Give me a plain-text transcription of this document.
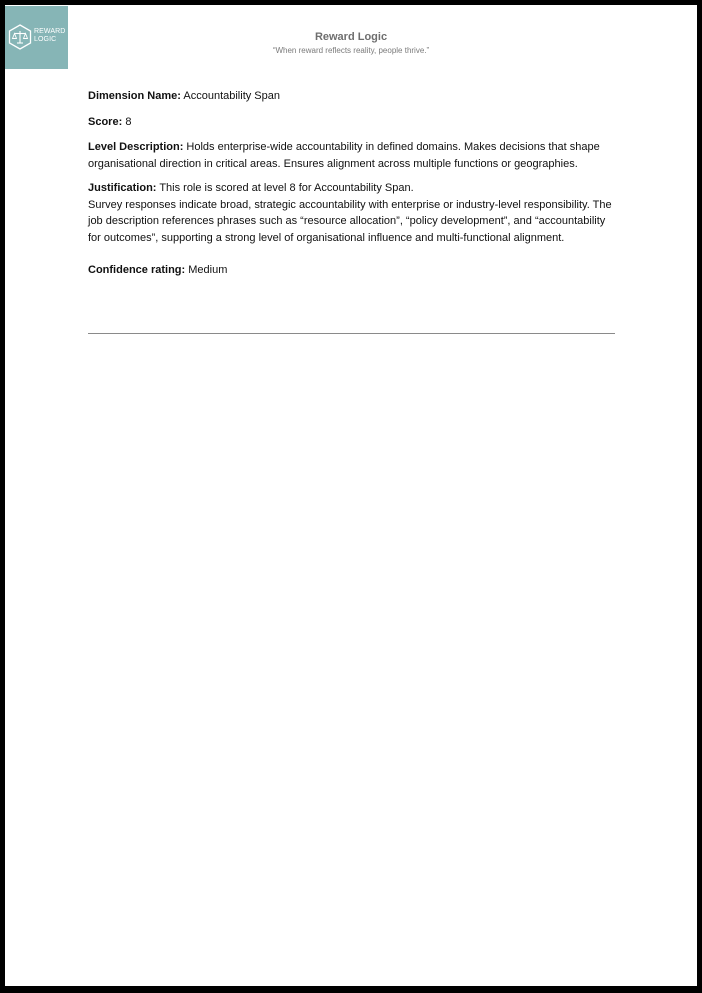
REWARD
LOGIC	Reward Logic
“When reward reflects reality, people thrive.”

Dimension Name: Accountability Span

Score: 8

Level Description: Holds enterprise-wide accountability in defined domains. Makes decisions that shape organisational direction in critical areas. Ensures alignment across multiple functions or geographies.

Justification: This role is scored at level 8 for Accountability Span.
Survey responses indicate broad, strategic accountability with enterprise or industry-level responsibility. The job description references phrases such as “resource allocation”, “policy development”, and “accountability for outcomes”, supporting a strong level of organisational influence and multi-functional alignment.

Confidence rating: Medium
